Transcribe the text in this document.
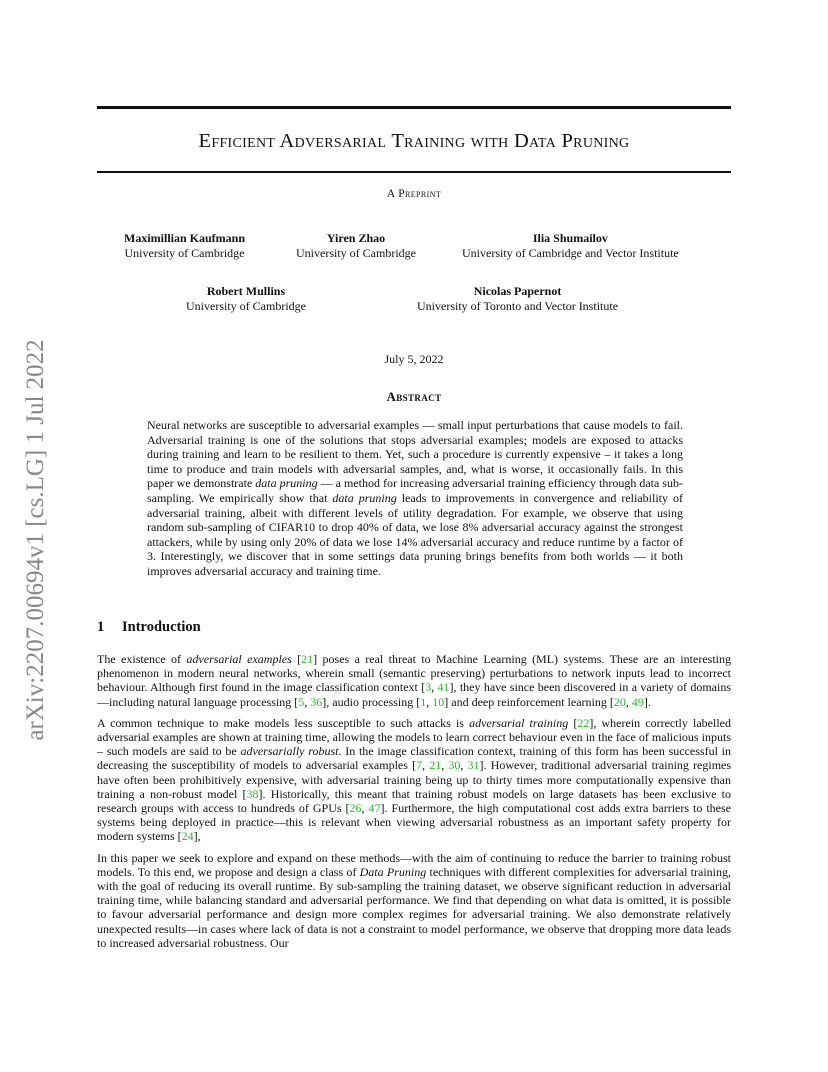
arXiv:2207.00694v1 [cs.LG] 1 Jul 2022
Efficient Adversarial Training with Data Pruning
A Preprint
Maximillian Kaufmann
University of Cambridge
Yiren Zhao
University of Cambridge
Ilia Shumailov
University of Cambridge and Vector Institute
Robert Mullins
University of Cambridge
Nicolas Papernot
University of Toronto and Vector Institute
July 5, 2022
Abstract

Neural networks are susceptible to adversarial examples — small input perturbations that cause models to fail. Adversarial training is one of the solutions that stops adversarial examples; models are exposed to attacks during training and learn to be resilient to them. Yet, such a procedure is currently expensive – it takes a long time to produce and train models with adversarial samples, and, what is worse, it occasionally fails. In this paper we demonstrate data pruning — a method for increasing adversarial training efficiency through data sub-sampling. We empirically show that data pruning leads to improvements in convergence and reliability of adversarial training, albeit with different levels of utility degradation. For example, we observe that using random sub-sampling of CIFAR10 to drop 40% of data, we lose 8% adversarial accuracy against the strongest attackers, while by using only 20% of data we lose 14% adversarial accuracy and reduce runtime by a factor of 3. Interestingly, we discover that in some settings data pruning brings benefits from both worlds — it both improves adversarial accuracy and training time.

1 Introduction

The existence of adversarial examples [21] poses a real threat to Machine Learning (ML) systems. These are an interesting phenomenon in modern neural networks, wherein small (semantic preserving) perturbations to network inputs lead to incorrect behaviour. Although first found in the image classification context [3, 41], they have since been discovered in a variety of domains—including natural language processing [5, 36], audio processing [1, 10] and deep reinforcement learning [20, 49].

A common technique to make models less susceptible to such attacks is adversarial training [22], wherein correctly labelled adversarial examples are shown at training time, allowing the models to learn correct behaviour even in the face of malicious inputs – such models are said to be adversarially robust. In the image classification context, training of this form has been successful in decreasing the susceptibility of models to adversarial examples [7, 21, 30, 31]. However, traditional adversarial training regimes have often been prohibitively expensive, with adversarial training being up to thirty times more computationally expensive than training a non-robust model [38]. Historically, this meant that training robust models on large datasets has been exclusive to research groups with access to hundreds of GPUs [26, 47]. Furthermore, the high computational cost adds extra barriers to these systems being deployed in practice—this is relevant when viewing adversarial robustness as an important safety property for modern systems [24],

In this paper we seek to explore and expand on these methods—with the aim of continuing to reduce the barrier to training robust models. To this end, we propose and design a class of Data Pruning techniques with different complexities for adversarial training, with the goal of reducing its overall runtime. By sub-sampling the training dataset, we observe significant reduction in adversarial training time, while balancing standard and adversarial performance. We find that depending on what data is omitted, it is possible to favour adversarial performance and design more complex regimes for adversarial training. We also demonstrate relatively unexpected results—in cases where lack of data is not a constraint to model performance, we observe that dropping more data leads to increased adversarial robustness. Our
